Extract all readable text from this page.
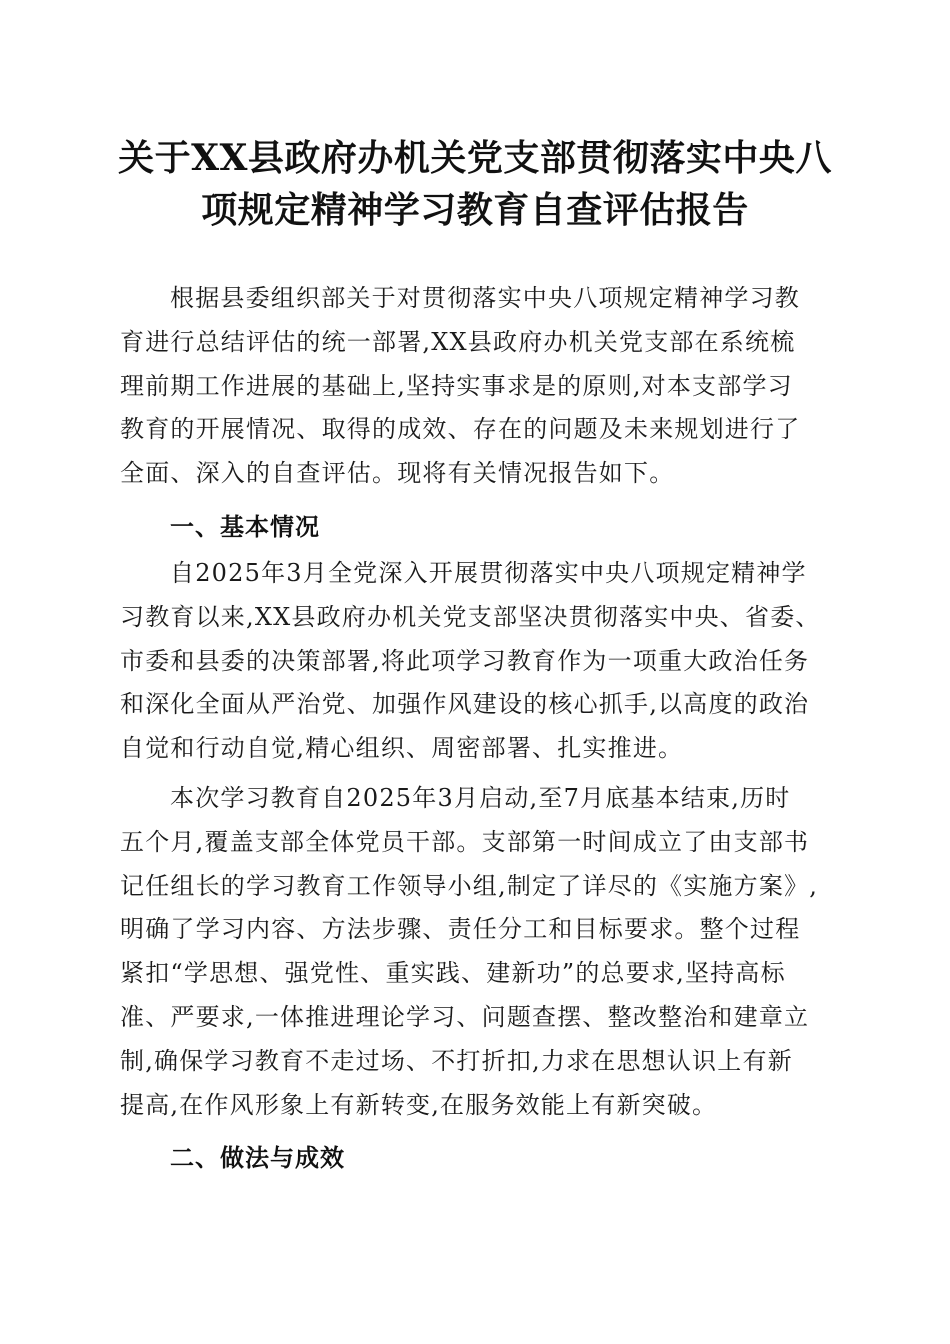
关于XX县政府办机关党支部贯彻落实中央八
项规定精神学习教育自查评估报告

根据县委组织部关于对贯彻落实中央八项规定精神学习教
育进行总结评估的统一部署,XX县政府办机关党支部在系统梳
理前期工作进展的基础上,坚持实事求是的原则,对本支部学习
教育的开展情况、取得的成效、存在的问题及未来规划进行了
全面、深入的自查评估。现将有关情况报告如下。

一、基本情况

自2025年3月全党深入开展贯彻落实中央八项规定精神学
习教育以来,XX县政府办机关党支部坚决贯彻落实中央、省委、
市委和县委的决策部署,将此项学习教育作为一项重大政治任务
和深化全面从严治党、加强作风建设的核心抓手,以高度的政治
自觉和行动自觉,精心组织、周密部署、扎实推进。

本次学习教育自2025年3月启动,至7月底基本结束,历时
五个月,覆盖支部全体党员干部。支部第一时间成立了由支部书
记任组长的学习教育工作领导小组,制定了详尽的《实施方案》,
明确了学习内容、方法步骤、责任分工和目标要求。整个过程
紧扣“学思想、强党性、重实践、建新功”的总要求,坚持高标
准、严要求,一体推进理论学习、问题查摆、整改整治和建章立
制,确保学习教育不走过场、不打折扣,力求在思想认识上有新
提高,在作风形象上有新转变,在服务效能上有新突破。

二、做法与成效
